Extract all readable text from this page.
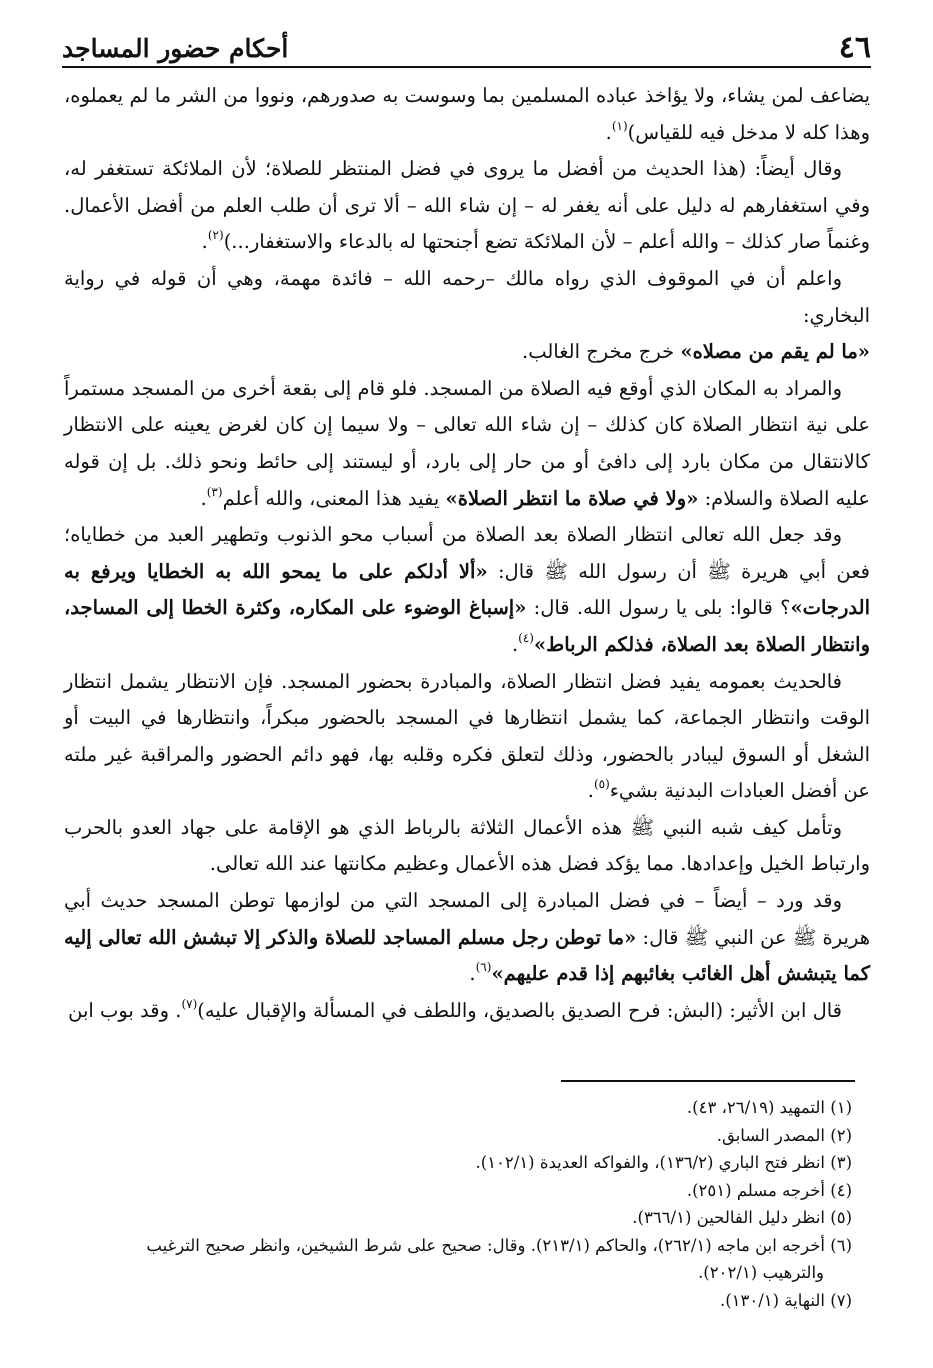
٤٦
أحكام حضور المساجد

يضاعف لمن يشاء، ولا يؤاخذ عباده المسلمين بما وسوست به صدورهم، ونووا من الشر ما لم يعملوه، وهذا كله لا مدخل فيه للقياس)$^{(١)}$.

وقال أيضاً: (هذا الحديث من أفضل ما يروى في فضل المنتظر للصلاة؛ لأن الملائكة تستغفر له، وفي استغفارهم له دليل على أنه يغفر له – إن شاء الله – ألا ترى أن طلب العلم من أفضل الأعمال. وغنماً صار كذلك – والله أعلم – لأن الملائكة تضع أجنحتها له بالدعاء والاستغفار...)$^{(٢)}$.

واعلم أن في الموقوف الذي رواه مالك –رحمه الله – فائدة مهمة، وهي أن قوله في رواية البخاري:
«ما لم يقم من مصلاه» خرج مخرج الغالب.

والمراد به المكان الذي أوقع فيه الصلاة من المسجد. فلو قام إلى بقعة أخرى من المسجد مستمراً على نية انتظار الصلاة كان كذلك – إن شاء الله تعالى – ولا سيما إن كان لغرض يعينه على الانتظار كالانتقال من مكان بارد إلى دافئ أو من حار إلى بارد، أو ليستند إلى حائط ونحو ذلك. بل إن قوله عليه الصلاة والسلام: «ولا في صلاة ما انتظر الصلاة» يفيد هذا المعنى، والله أعلم$^{(٣)}$.

وقد جعل الله تعالى انتظار الصلاة بعد الصلاة من أسباب محو الذنوب وتطهير العبد من خطاياه؛ فعن أبي هريرة ﷺ أن رسول الله ﷺ قال: «ألا أدلكم على ما يمحو الله به الخطايا ويرفع به الدرجات»؟ قالوا: بلى يا رسول الله. قال: «إسباغ الوضوء على المكاره، وكثرة الخطا إلى المساجد، وانتظار الصلاة بعد الصلاة، فذلكم الرباط»$^{(٤)}$.

فالحديث بعمومه يفيد فضل انتظار الصلاة، والمبادرة بحضور المسجد. فإن الانتظار يشمل انتظار الوقت وانتظار الجماعة، كما يشمل انتظارها في المسجد بالحضور مبكراً، وانتظارها في البيت أو الشغل أو السوق ليبادر بالحضور، وذلك لتعلق فكره وقلبه بها، فهو دائم الحضور والمراقبة غير ملته عن أفضل العبادات البدنية بشيء$^{(٥)}$.

وتأمل كيف شبه النبي ﷺ هذه الأعمال الثلاثة بالرباط الذي هو الإقامة على جهاد العدو بالحرب وارتباط الخيل وإعدادها. مما يؤكد فضل هذه الأعمال وعظيم مكانتها عند الله تعالى.

وقد ورد – أيضاً – في فضل المبادرة إلى المسجد التي من لوازمها توطن المسجد حديث أبي هريرة ﷺ عن النبي ﷺ قال: «ما توطن رجل مسلم المساجد للصلاة والذكر إلا تبشش الله تعالى إليه كما يتبشش أهل الغائب بغائبهم إذا قدم عليهم»$^{(٦)}$.

قال ابن الأثير: (البش: فرح الصديق بالصديق، واللطف في المسألة والإقبال عليه)$^{(٧)}$. وقد بوب ابن

(١) التمهيد (٢٦/١٩، ٤٣).

(٢) المصدر السابق.

(٣) انظر فتح الباري (١٣٦/٢)، والفواكه العديدة (١٠٢/١).

(٤) أخرجه مسلم (٢٥١).

(٥) انظر دليل الفالحين (٣٦٦/١).

(٦) أخرجه ابن ماجه (٢٦٢/١)، والحاكم (٢١٣/١). وقال: صحيح على شرط الشيخين، وانظر صحيح الترغيب

والترهيب (٢٠٢/١).

(٧) النهاية (١٣٠/١).
